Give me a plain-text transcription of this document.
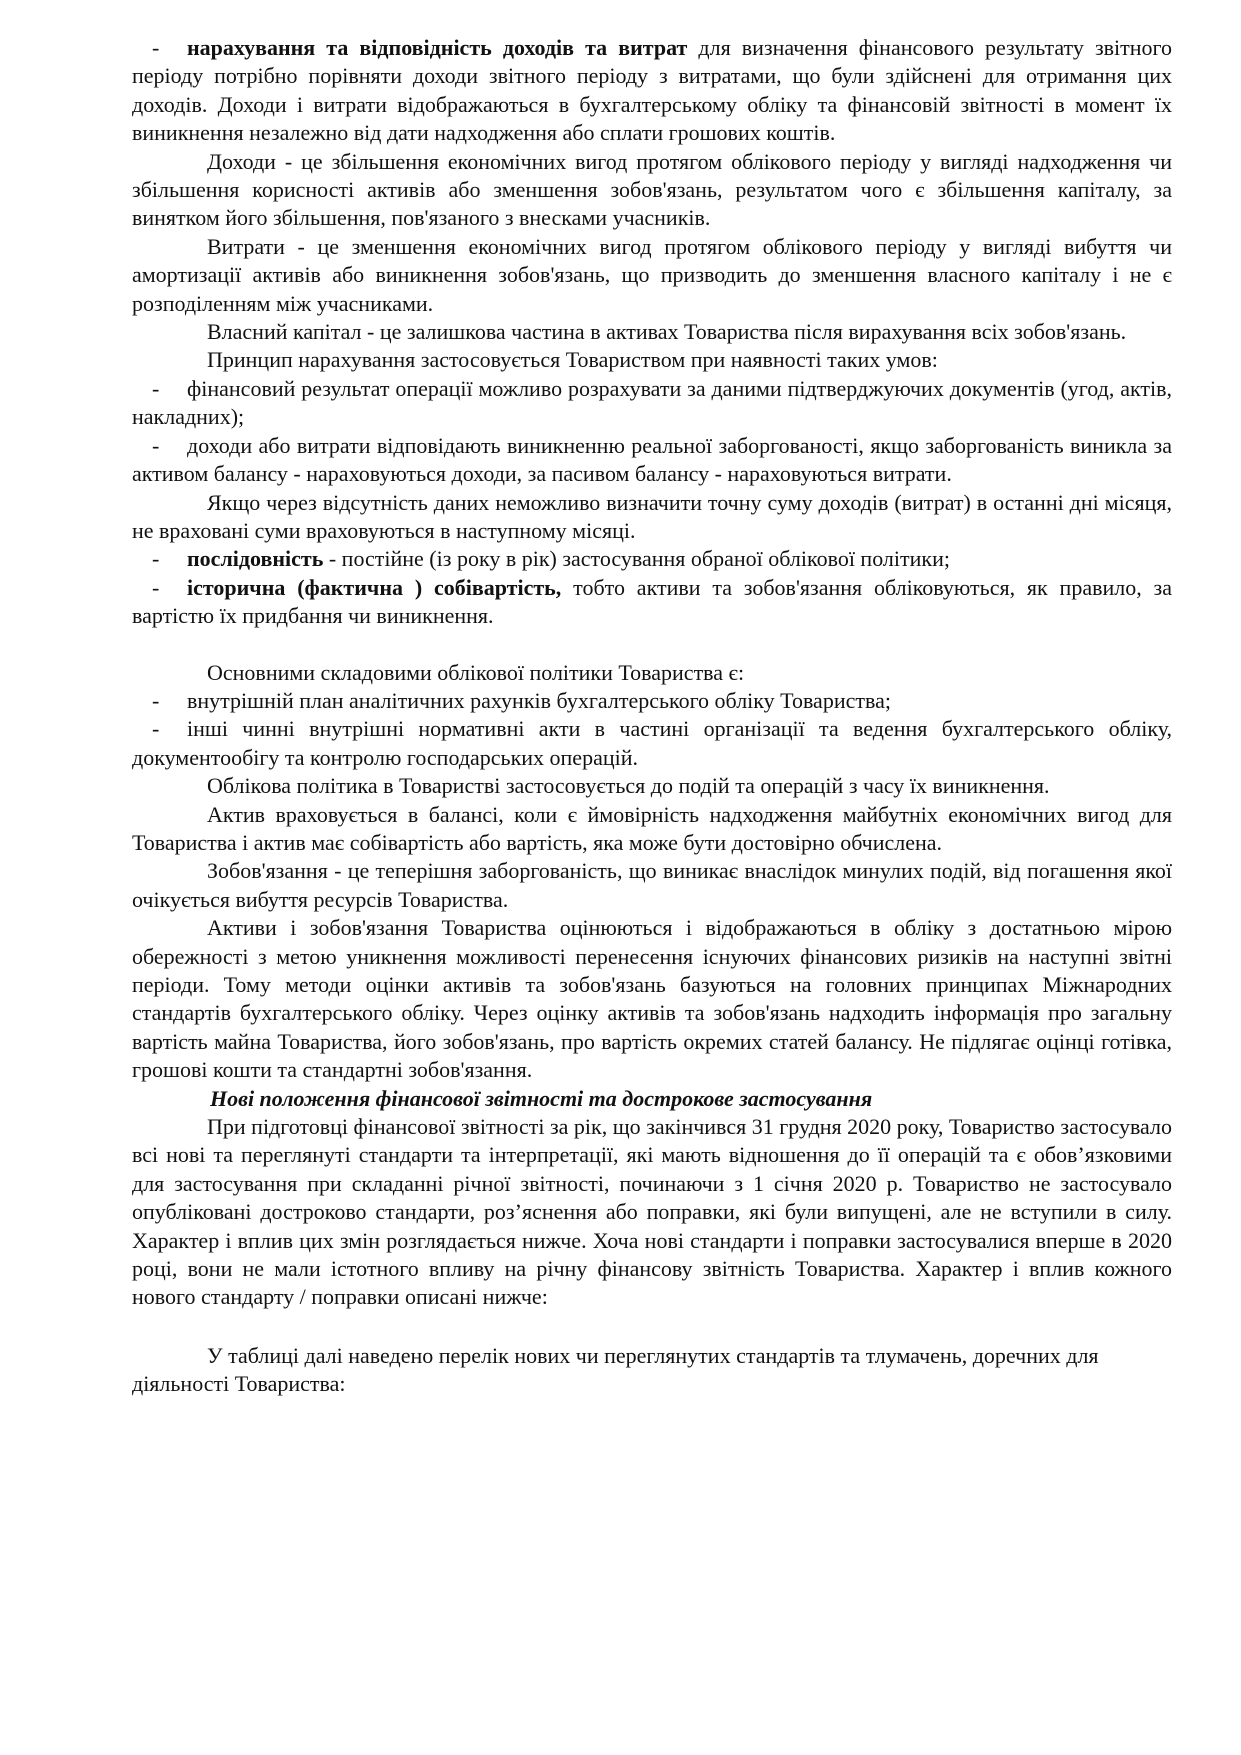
- нарахування та відповідність доходів та витрат для визначення фінансового результату звітного періоду потрібно порівняти доходи звітного періоду з витратами, що були здійснені для отримання цих доходів. Доходи і витрати відображаються в бухгалтерському обліку та фінансовій звітності в момент їх виникнення незалежно від дати надходження або сплати грошових коштів.

Доходи - це збільшення економічних вигод протягом облікового періоду у вигляді надходження чи збільшення корисності активів або зменшення зобов'язань, результатом чого є збільшення капіталу, за винятком його збільшення, пов'язаного з внесками учасників.

Витрати - це зменшення економічних вигод протягом облікового періоду у вигляді вибуття чи амортизації активів або виникнення зобов'язань, що призводить до зменшення власного капіталу і не є розподіленням між учасниками.

Власний капітал - це залишкова частина в активах Товариства після вирахування всіх зобов'язань.

Принцип нарахування застосовується Товариством при наявності таких умов:

- фінансовий результат операції можливо розрахувати за даними підтверджуючих документів (угод, актів, накладних);

- доходи або витрати відповідають виникненню реальної заборгованості, якщо заборгованість виникла за активом балансу - нараховуються доходи, за пасивом балансу - нараховуються витрати.

Якщо через відсутність даних неможливо визначити точну суму доходів (витрат) в останні дні місяця, не враховані суми враховуються в наступному місяці.

- послідовність - постійне (із року в рік) застосування обраної облікової політики;

- історична (фактична ) собівартість, тобто активи та зобов'язання обліковуються, як правило, за вартістю їх придбання чи виникнення.

Основними складовими облікової політики Товариства є:

- внутрішній план аналітичних рахунків бухгалтерського обліку Товариства;

- інші чинні внутрішні нормативні акти в частині організації та ведення бухгалтерського обліку, документообігу та контролю господарських операцій.

Облікова політика в Товаристві застосовується до подій та операцій з часу їх виникнення.

Актив враховується в балансі, коли є ймовірність надходження майбутніх економічних вигод для Товариства і актив має собівартість або вартість, яка може бути достовірно обчислена.

Зобов'язання - це теперішня заборгованість, що виникає внаслідок минулих подій, від погашення якої очікується вибуття ресурсів Товариства.

Активи і зобов'язання Товариства оцінюються і відображаються в обліку з достатньою мірою обережності з метою уникнення можливості перенесення існуючих фінансових ризиків на наступні звітні періоди. Тому методи оцінки активів та зобов'язань базуються на головних принципах Міжнародних стандартів бухгалтерського обліку. Через оцінку активів та зобов'язань надходить інформація про загальну вартість майна Товариства, його зобов'язань, про вартість окремих статей балансу. Не підлягає оцінці готівка, грошові кошти та стандартні зобов'язання.

Нові положення фінансової звітності та дострокове застосування

При підготовці фінансової звітності за рік, що закінчився 31 грудня 2020 року, Товариство застосувало всі нові та переглянуті стандарти та інтерпретації, які мають відношення до її операцій та є обов’язковими для застосування при складанні річної звітності, починаючи з 1 січня 2020 р. Товариство не застосувало опубліковані достроково стандарти, роз’яснення або поправки, які були випущені, але не вступили в силу. Характер і вплив цих змін розглядається нижче. Хоча нові стандарти і поправки застосувалися вперше в 2020 році, вони не мали істотного впливу на річну фінансову звітність Товариства. Характер і вплив кожного нового стандарту / поправки описані нижче:

У таблиці далі наведено перелік нових чи переглянутих стандартів та тлумачень, доречних для діяльності Товариства:
